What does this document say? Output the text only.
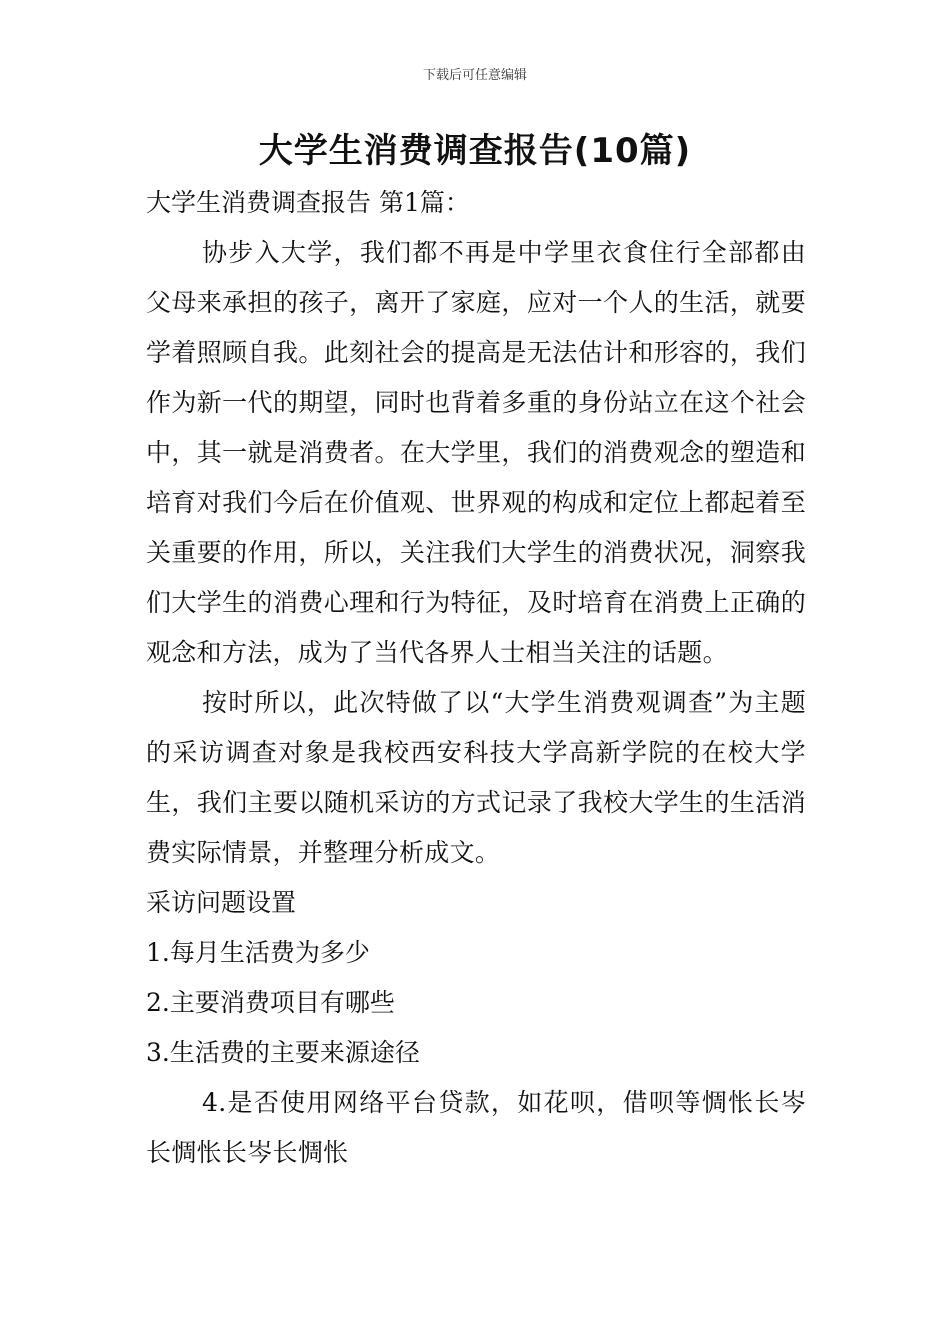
下载后可任意编辑
大学生消费调查报告(10篇)

大学生消费调查报告 第1篇：

协步入大学，我们都不再是中学里衣食住行全部都由父母来承担的孩子，离开了家庭，应对一个人的生活，就要学着照顾自我。此刻社会的提高是无法估计和形容的，我们作为新一代的期望，同时也背着多重的身份站立在这个社会中，其一就是消费者。在大学里，我们的消费观念的塑造和培育对我们今后在价值观、世界观的构成和定位上都起着至关重要的作用，所以，关注我们大学生的消费状况，洞察我们大学生的消费心理和行为特征，及时培育在消费上正确的观念和方法，成为了当代各界人士相当关注的话题。

按时所以，此次特做了以“大学生消费观调查”为主题的采访调查对象是我校西安科技大学高新学院的在校大学生，我们主要以随机采访的方式记录了我校大学生的生活消费实际情景，并整理分析成文。

采访问题设置

1.每月生活费为多少

2.主要消费项目有哪些

3.生活费的主要来源途径

4.是否使用网络平台贷款，如花呗，借呗等惆怅长岑长惆怅长岑长惆怅
